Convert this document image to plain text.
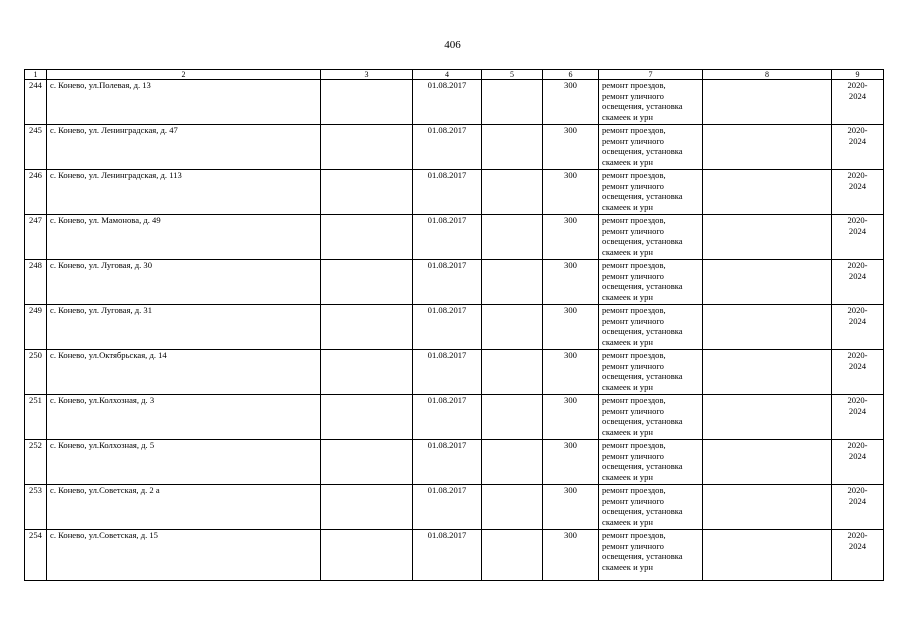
406
1	2	3	4	5	6	7	8	9
244	с. Конево, ул.Полевая, д. 13		01.08.2017		300	ремонт проездов,
ремонт уличного
освещения, установка
скамеек и урн		2020-
2024
245	с. Конево, ул. Ленинградская, д. 47		01.08.2017		300	ремонт проездов,
ремонт уличного
освещения, установка
скамеек и урн		2020-
2024
246	с. Конево, ул. Ленинградская, д. 113		01.08.2017		300	ремонт проездов,
ремонт уличного
освещения, установка
скамеек и урн		2020-
2024
247	с. Конево, ул. Мамонова, д. 49		01.08.2017		300	ремонт проездов,
ремонт уличного
освещения, установка
скамеек и урн		2020-
2024
248	с. Конево, ул. Луговая, д. 30		01.08.2017		300	ремонт проездов,
ремонт уличного
освещения, установка
скамеек и урн		2020-
2024
249	с. Конево, ул. Луговая, д. 31		01.08.2017		300	ремонт проездов,
ремонт уличного
освещения, установка
скамеек и урн		2020-
2024
250	с. Конево, ул.Октябрьская, д. 14		01.08.2017		300	ремонт проездов,
ремонт уличного
освещения, установка
скамеек и урн		2020-
2024
251	с. Конево, ул.Колхозная, д. 3		01.08.2017		300	ремонт проездов,
ремонт уличного
освещения, установка
скамеек и урн		2020-
2024
252	с. Конево, ул.Колхозная, д. 5		01.08.2017		300	ремонт проездов,
ремонт уличного
освещения, установка
скамеек и урн		2020-
2024
253	с. Конево, ул.Советская, д. 2 а		01.08.2017		300	ремонт проездов,
ремонт уличного
освещения, установка
скамеек и урн		2020-
2024
254	с. Конево, ул.Советская, д. 15		01.08.2017		300	ремонт проездов,
ремонт уличного
освещения, установка
скамеек и урн		2020-
2024
